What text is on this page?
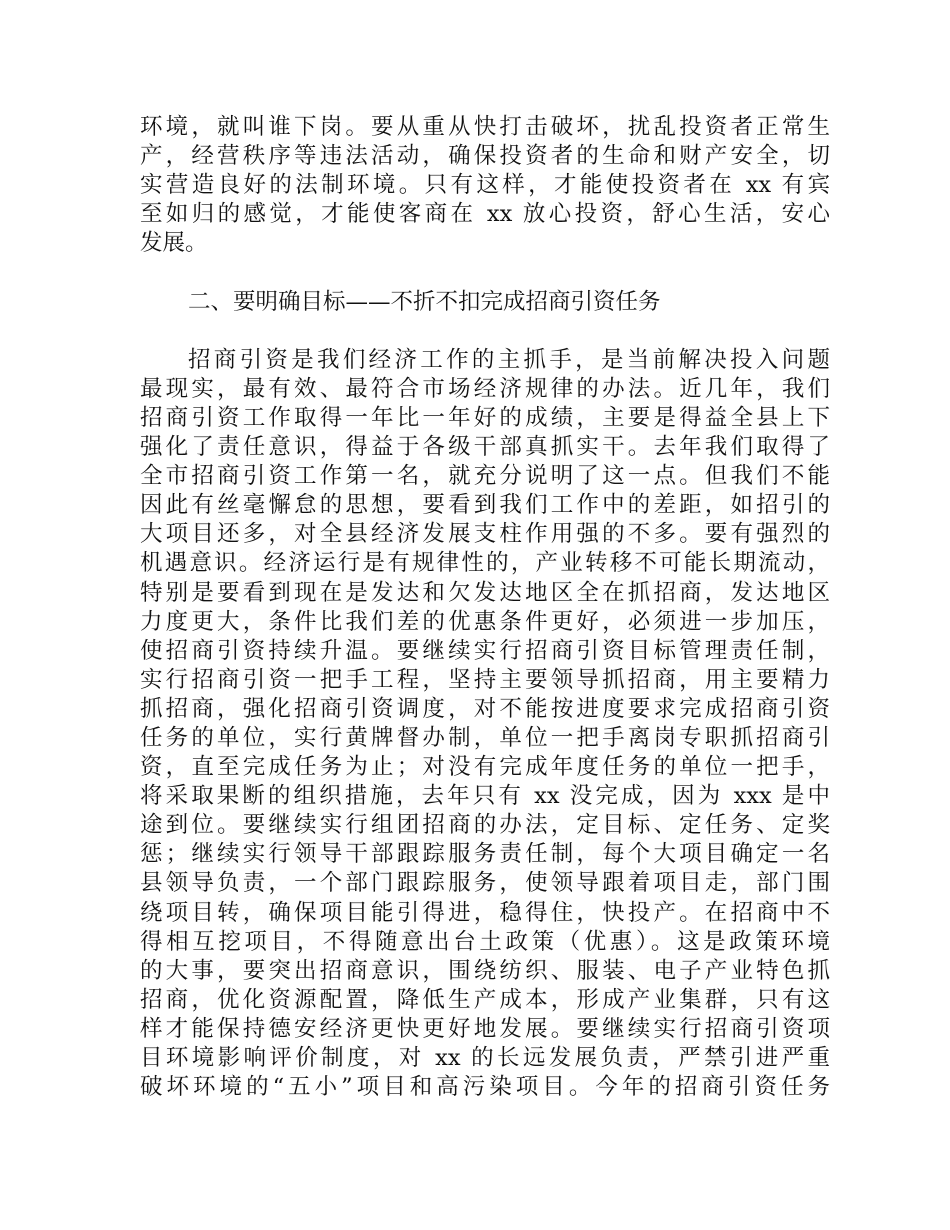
环境，就叫谁下岗。要从重从快打击破坏，扰乱投资者正常生
产，经营秩序等违法活动，确保投资者的生命和财产安全，切
实营造良好的法制环境。只有这样，才能使投资者在 xx 有宾
至如归的感觉，才能使客商在 xx 放心投资，舒心生活，安心
发展。
二、要明确目标——不折不扣完成招商引资任务
招商引资是我们经济工作的主抓手，是当前解决投入问题
最现实，最有效、最符合市场经济规律的办法。近几年，我们
招商引资工作取得一年比一年好的成绩，主要是得益全县上下
强化了责任意识，得益于各级干部真抓实干。去年我们取得了
全市招商引资工作第一名，就充分说明了这一点。但我们不能
因此有丝毫懈怠的思想，要看到我们工作中的差距，如招引的
大项目还多，对全县经济发展支柱作用强的不多。要有强烈的
机遇意识。经济运行是有规律性的，产业转移不可能长期流动，
特别是要看到现在是发达和欠发达地区全在抓招商，发达地区
力度更大，条件比我们差的优惠条件更好，必须进一步加压，
使招商引资持续升温。要继续实行招商引资目标管理责任制，
实行招商引资一把手工程，坚持主要领导抓招商，用主要精力
抓招商，强化招商引资调度，对不能按进度要求完成招商引资
任务的单位，实行黄牌督办制，单位一把手离岗专职抓招商引
资，直至完成任务为止；对没有完成年度任务的单位一把手，
将采取果断的组织措施，去年只有 xx 没完成，因为 xxx 是中
途到位。要继续实行组团招商的办法，定目标、定任务、定奖
惩；继续实行领导干部跟踪服务责任制，每个大项目确定一名
县领导负责，一个部门跟踪服务，使领导跟着项目走，部门围
绕项目转，确保项目能引得进，稳得住，快投产。在招商中不
得相互挖项目，不得随意出台土政策（优惠）。这是政策环境
的大事，要突出招商意识，围绕纺织、服装、电子产业特色抓
招商，优化资源配置，降低生产成本，形成产业集群，只有这
样才能保持德安经济更快更好地发展。要继续实行招商引资项
目环境影响评价制度，对 xx 的长远发展负责，严禁引进严重
破坏环境的“五小”项目和高污染项目。今年的招商引资任务
